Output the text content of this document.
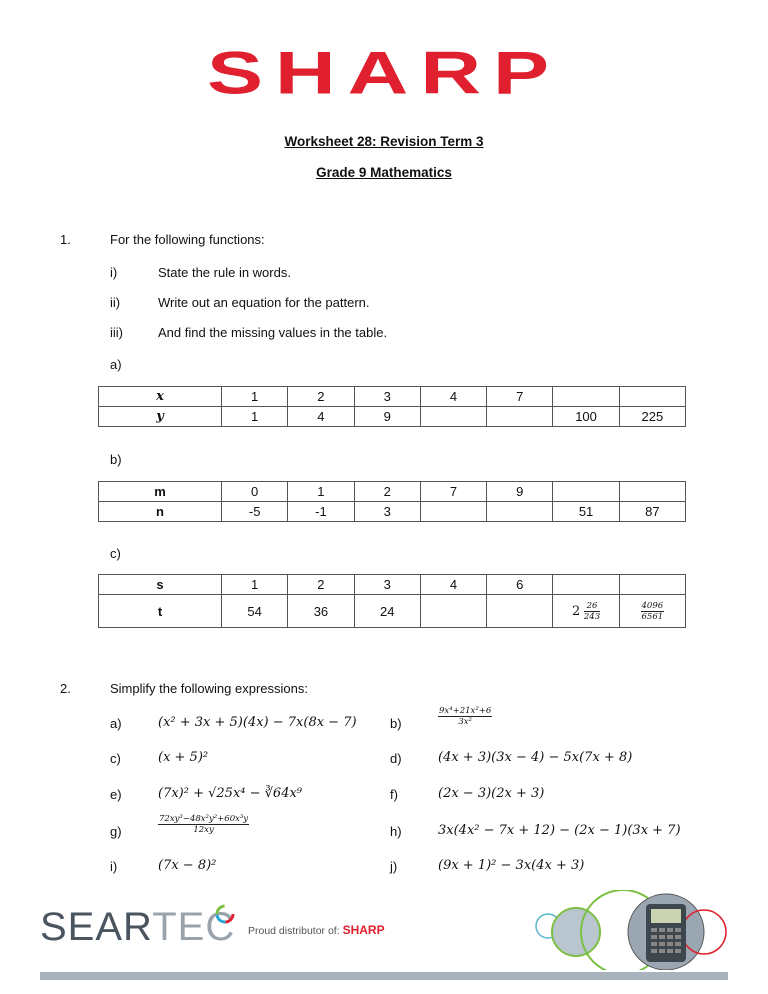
SHARP
Worksheet 28: Revision Term 3
Grade 9 Mathematics
1.	For the following functions:
i)	State the rule in words.
ii)	Write out an equation for the pattern.
iii)	And find the missing values in the table.
a)
x	1	2	3	4	7		
y	1	4	9			100	225
b)
m	0	1	2	7	9		
n	-5	-1	3			51	87
c)
s	1	2	3	4	6		
t	54	36	24			$2 \frac{26}{243}$	$\frac{4096}{6561}$
2.	Simplify the following expressions:
a)	(x² + 3x + 5)(4x) − 7x(8x − 7)	b)	$\frac{\text{9x⁴+21x²+6}}{\text{3x²}}$
c)	(x + 5)²	d)	(4x + 3)(3x − 4) − 5x(7x + 8)
e)	(7x)² + √25x⁴ − ∛64x⁹	f)	(2x − 3)(2x + 3)
g)	$\frac{\text{72xy³−48x²y²+60x³y}}{12xy}$	h)	3x(4x² − 7x + 12) − (2x − 1)(3x + 7)
i)	(7x − 8)²	j)	(9x + 1)² − 3x(4x + 3)
SEARTEC Proud distributor of: SHARP
